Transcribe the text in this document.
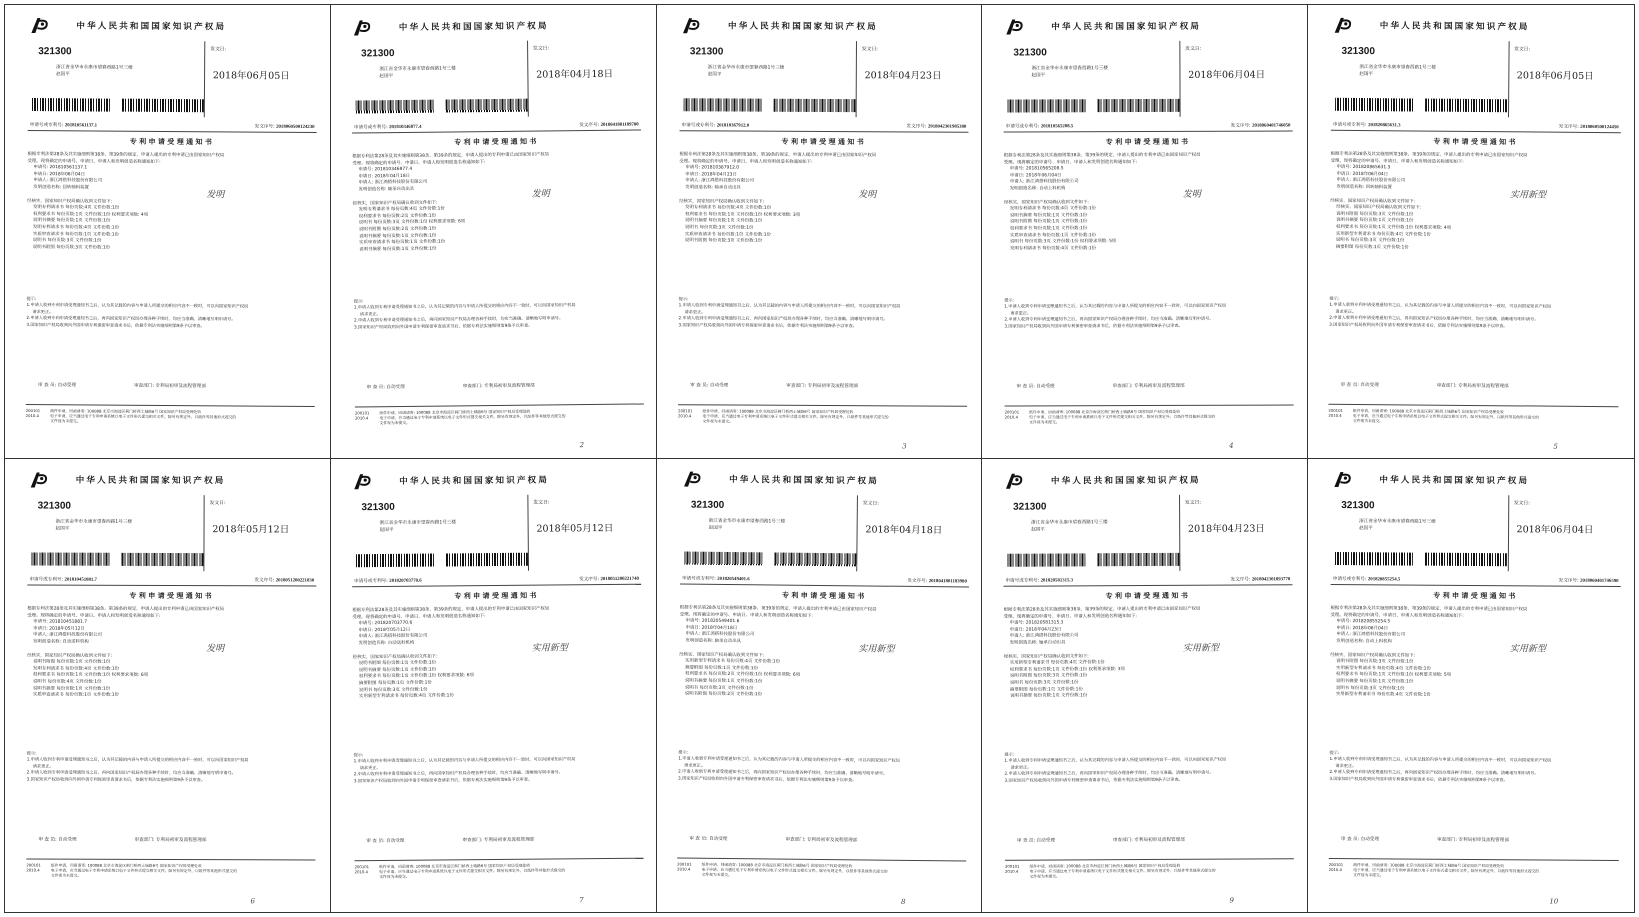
中华人民共和国国家知识产权局
321300
浙江省金华市永康市望春西路1号三楼
赵国平
发文日:
2018年06月05日
申请号或专利号: 201810561137.1	发文序号: 2018060500124230
专利申请受理通知书

根据专利法第28条及其实施细则第38条、第39条的规定，申请人提出的专利申请已由国家知识产权局

受理。现将确定的申请号、申请日、申请人和发明创造名称通知如下:

申请号: 201810561137.1

申请日: 2018年06月04日

申请人: 浙江鸿搭科技股份有限公司

发明创造名称: 回转轴料装置

经核实，国家知识产权局确认收到文件如下:

发明专利请求书 每份页数:4页 文件份数:1份

权利要求书 每份页数:1页 文件份数:1份 权利要求项数: 4项

说明书摘要 每份页数:1页 文件份数:1份

发明专利请求书 每份页数:4页 文件份数:1份

实质审查请求书 每份页数:1页 文件份数:1份

说明书 每份页数:3页 文件份数:1份

说明书附图 每份页数:3页 文件份数:1份

发明

提示:

1.申请人收到专利申请受理通知书之后，认为其记载的内容与申请人所提交的相应内容不一致时，可以向国家知识产权局

请求更正。

2.申请人收到专利申请受理通知书之后，再向国家知识产权局办理各种手续时，均应当准确、清晰地写明申请号。

3.国家知识产权局收到向外国申请专利保密审查请求书后，依据专利法实施细则第9条予以审查。

审 查 员: 自动受理	审查部门: 专利局初审及流程管理部
200101
2010.4
纸件申请，回函请寄: 100088 北京市海淀区蓟门桥西土城路6号 国家知识产权局受理处收
电子申请，应当通过电子专利申请系统以电子文件形式提交相关文件。除另有规定外，以纸件等其他形式提交的
文件视为未提交。
中华人民共和国国家知识产权局
321300
浙江省金华市永康市望春西路1号三楼
赵国平
发文日:
2018年04月18日
申请号或专利号: 201810346877.4	发文序号: 2018041801189700
专利申请受理通知书

根据专利法第28条及其实施细则第38条、第39条的规定，申请人提出的专利申请已由国家知识产权局

受理。现将确定的申请号、申请日、申请人和发明创造名称通知如下:

申请号: 201810346877.4

申请日: 2018年04月18日

申请人: 浙江鸿搭科技股份有限公司

发明创造名称: 轴承自动出具

经核实，国家知识产权局确认收到文件如下:

发明专利请求书 每份页数:4页 文件份数:1份

权利要求书 每份页数:2页 文件份数:1份

说明书 每份页数:3页 文件份数:1份 权利要求项数: 6项

说明书附图 每份页数:2页 文件份数:1份

说明书摘要 每份页数:1页 文件份数:1份

实质审查请求书 每份页数:1页 文件份数:1份

说明书摘要 每份页数:1页 文件份数:1份

发明

提示:

1.申请人收到专利申请受理通知书之后，认为其记载的内容与申请人所提交的相应内容不一致时，可以向国家知识产权局

请求更正。

2.申请人收到专利申请受理通知书之后，再向国家知识产权局办理各种手续时，均应当准确、清晰地写明申请号。

3.国家知识产权局收到向外国申请专利保密审查请求书后，依据专利法实施细则第9条予以审查。

审 查 员: 自动受理	审查部门: 专利局初审及流程管理部
200101
2010.4
纸件申请，回函请寄: 100088 北京市海淀区蓟门桥西土城路6号 国家知识产权局受理处收
电子申请，应当通过电子专利申请系统以电子文件形式提交相关文件。除另有规定外，以纸件等其他形式提交的
文件视为未提交。
2
中华人民共和国国家知识产权局
321300
浙江省金华市永康市望春西路1号三楼
赵国平
发文日:
2018年04月23日
申请号或专利号: 201810367912.0	发文序号: 2018042301985380
专利申请受理通知书

根据专利法第28条及其实施细则第38条、第39条的规定，申请人提出的专利申请已由国家知识产权局

受理。现将确定的申请号、申请日、申请人和发明创造名称通知如下:

申请号: 201810367912.0

申请日: 2018年04月23日

申请人: 浙江鸿搭科技股份有限公司

发明创造名称: 轴承自动出具

经核实，国家知识产权局确认收到文件如下:

发明专利请求书 每份页数:4页 文件份数:1份

权利要求书 每份页数:1页 文件份数:1份 权利要求项数: 3项

说明书摘要 每份页数:1页 文件份数:1份

说明书 每份页数:3页 文件份数:1份

实质审查请求书 每份页数:1页 文件份数:1份

说明书附图 每份页数:3页 文件份数:1份

发明

提示:

1.申请人收到专利申请受理通知书之后，认为其记载的内容与申请人所提交的相应内容不一致时，可以向国家知识产权局

请求更正。

2.申请人收到专利申请受理通知书之后，再向国家知识产权局办理各种手续时，均应当准确、清晰地写明申请号。

3.国家知识产权局收到向外国申请专利保密审查请求书后，依据专利法实施细则第9条予以审查。

审 查 员: 自动受理	审查部门: 专利局初审及流程管理部
200101
2010.4
纸件申请，回函请寄: 100088 北京市海淀区蓟门桥西土城路6号 国家知识产权局受理处收
电子申请，应当通过电子专利申请系统以电子文件形式提交相关文件。除另有规定外，以纸件等其他形式提交的
文件视为未提交。
3
中华人民共和国国家知识产权局
321300
浙江省金华市永康市望春西路1号三楼
赵国平
发文日:
2018年06月04日
申请号或专利号: 201810565208.5	发文序号: 2018060401746050
专利申请受理通知书

根据专利法第28条及其实施细则第38条、第39条的规定，申请人提出的专利申请已由国家知识产权局

受理。现将确定的申请号、申请日、申请人和发明创造名称通知如下:

申请号: 201810565208.5

申请日: 2018年06月04日

申请人: 浙江鸿搭科技股份有限公司

发明创造名称: 自动上料机构

经核实，国家知识产权局确认收到文件如下:

发明专利请求书 每份页数:4页 文件份数:1份

说明书摘要 每份页数:1页 文件份数:1份

说明书附图 每份页数:1页 文件份数:1份

权利要求书 每份页数:1页 文件份数:1份

实质审查请求书 每份页数:1页 文件份数:1份

说明书 每份页数:3页 文件份数:1份 权利要求项数: 5项

发明专利请求书 每份页数:4页 文件份数:1份

发明

提示:

1.申请人收到专利申请受理通知书之后，认为其记载的内容与申请人所提交的相应内容不一致时，可以向国家知识产权局

请求更正。

2.申请人收到专利申请受理通知书之后，再向国家知识产权局办理各种手续时，均应当准确、清晰地写明申请号。

3.国家知识产权局收到向外国申请专利保密审查请求书后，依据专利法实施细则第9条予以审查。

审 查 员: 自动受理	审查部门: 专利局初审及流程管理部
200101
2010.4
纸件申请，回函请寄: 100088 北京市海淀区蓟门桥西土城路6号 国家知识产权局受理处收
电子申请，应当通过电子专利申请系统以电子文件形式提交相关文件。除另有规定外，以纸件等其他形式提交的
文件视为未提交。
4
中华人民共和国国家知识产权局
321300
浙江省金华市永康市望春西路1号三楼
赵国平
发文日:
2018年06月05日
申请号或专利号: 201820865631.3	发文序号: 2018060500124450
专利申请受理通知书

根据专利法第28条及其实施细则第38条、第39条的规定，申请人提出的专利申请已由国家知识产权局

受理。现将确定的申请号、申请日、申请人和发明创造名称通知如下:

申请号: 201820865631.3

申请日: 2018年06月04日

申请人: 浙江鸿搭科技股份有限公司

发明创造名称: 回转轴料装置

经核实，国家知识产权局确认收到文件如下:

经核实，国家知识产权局确认收到文件如下:

说明书附图 每份页数:3页 文件份数:1份

说明书摘要 每份页数:1页 文件份数:1份

权利要求书 每份页数:1页 文件份数:1份 权利要求项数: 4项

实用新型专利请求书 每份页数:4页 文件份数:1份

说明书 每份页数:3页 文件份数:1份

摘要附图 每份页数:1页 文件份数:1份

实用新型

提示:

1.申请人收到专利申请受理通知书之后，认为其记载的内容与申请人所提交的相应内容不一致时，可以向国家知识产权局

请求更正。

2.申请人收到专利申请受理通知书之后，再向国家知识产权局办理各种手续时，均应当准确、清晰地写明申请号。

3.国家知识产权局收到向外国申请专利保密审查请求书后，依据专利法实施细则第9条予以审查。

审 查 员: 自动受理	审查部门: 专利局初审及流程管理部
200101
2010.4
纸件申请，回函请寄: 100088 北京市海淀区蓟门桥西土城路6号 国家知识产权局受理处收
电子申请，应当通过电子专利申请系统以电子文件形式提交相关文件。除另有规定外，以纸件等其他形式提交的
文件视为未提交。
5
中华人民共和国国家知识产权局
321300
浙江省金华市永康市望春西路1号三楼
赵国平
发文日:
2018年05月12日
申请号或专利号: 201810451881.7	发文序号: 2018051200221830
专利申请受理通知书

根据专利法第28条及其实施细则第38条、第39条的规定，申请人提出的专利申请已由国家知识产权局

受理。现将确定的申请号、申请日、申请人和发明创造名称通知如下:

申请号: 201810451881.7

申请日: 2018年05月12日

申请人: 浙江鸿搭科技股份有限公司

发明创造名称: 自动送料机构

经核实，国家知识产权局确认收到文件如下:

说明书附图 每份页数:1页 文件份数:1份

发明专利请求书 每份页数:4页 文件份数:1份

权利要求书 每份页数:1页 文件份数:1份 权利要求项数: 6项

说明书 每份页数:4页 文件份数:1份

说明书摘要 每份页数:1页 文件份数:1份

实质审查请求书 每份页数:1页 文件份数:1份

发明

提示:

1.申请人收到专利申请受理通知书之后，认为其记载的内容与申请人所提交的相应内容不一致时，可以向国家知识产权局

请求更正。

2.申请人收到专利申请受理通知书之后，再向国家知识产权局办理各种手续时，均应当准确、清晰地写明申请号。

3.国家知识产权局收到向外国申请专利保密审查请求书后，依据专利法实施细则第9条予以审查。

审 查 员: 自动受理	审查部门: 专利局初审及流程管理部
200101
2010.4
纸件申请，回函请寄: 100088 北京市海淀区蓟门桥西土城路6号 国家知识产权局受理处收
电子申请，应当通过电子专利申请系统以电子文件形式提交相关文件。除另有规定外，以纸件等其他形式提交的
文件视为未提交。
6
中华人民共和国国家知识产权局
321300
浙江省金华市永康市望春西路1号三楼
赵国平
发文日:
2018年05月12日
申请号或专利号: 201820703770.6	发文序号: 2018051200221740
专利申请受理通知书

根据专利法第28条及其实施细则第38条、第39条的规定，申请人提出的专利申请已由国家知识产权局

受理。现将确定的申请号、申请日、申请人和发明创造名称通知如下:

申请号: 201820703770.6

申请日: 2018年05月12日

申请人: 浙江鸿搭科技股份有限公司

发明创造名称: 自动送料机构

经核实，国家知识产权局确认收到文件如下:

说明书附图 每份页数:1页 文件份数:1份

说明书摘要 每份页数:1页 文件份数:1份

权利要求书 每份页数:1页 文件份数:1份 权利要求项数: 6项

摘要附图 每份页数:1页 文件份数:1份

说明书 每份页数:3页 文件份数:1份

实用新型专利请求书 每份页数:4页 文件份数:1份

实用新型

提示:

1.申请人收到专利申请受理通知书之后，认为其记载的内容与申请人所提交的相应内容不一致时，可以向国家知识产权局

请求更正。

2.申请人收到专利申请受理通知书之后，再向国家知识产权局办理各种手续时，均应当准确、清晰地写明申请号。

3.国家知识产权局收到向外国申请专利保密审查请求书后，依据专利法实施细则第9条予以审查。

审 查 员: 自动受理	审查部门: 专利局初审及流程管理部
200101
2010.4
纸件申请，回函请寄: 100088 北京市海淀区蓟门桥西土城路6号 国家知识产权局受理处收
电子申请，应当通过电子专利申请系统以电子文件形式提交相关文件。除另有规定外，以纸件等其他形式提交的
文件视为未提交。
7
中华人民共和国国家知识产权局
321300
浙江省金华市永康市望春西路1号三楼
赵国平
发文日:
2018年04月18日
申请号或专利号: 201820549401.6	发文序号: 2018041801183980
专利申请受理通知书

根据专利法第28条及其实施细则第38条、第39条的规定，申请人提出的专利申请已由国家知识产权局

受理。现将确定的申请号、申请日、申请人和发明创造名称通知如下:

申请号: 201820549401.6

申请日: 2018年04月18日

申请人: 浙江鸿搭科技股份有限公司

发明创造名称: 轴承自动出具

经核实，国家知识产权局确认收到文件如下:

实用新型专利请求书 每份页数:4页 文件份数:1份

摘要附图 每份页数:1页 文件份数:1份

权利要求书 每份页数:2页 文件份数:1份 权利要求项数: 6项

说明书摘要 每份页数:1页 文件份数:1份

说明书 每份页数:3页 文件份数:1份

说明书附图 每份页数:2页 文件份数:1份

实用新型

提示:

1.申请人收到专利申请受理通知书之后，认为其记载的内容与申请人所提交的相应内容不一致时，可以向国家知识产权局

请求更正。

2.申请人收到专利申请受理通知书之后，再向国家知识产权局办理各种手续时，均应当准确、清晰地写明申请号。

3.国家知识产权局收到向外国申请专利保密审查请求书后，依据专利法实施细则第9条予以审查。

审 查 员: 自动受理	审查部门: 专利局初审及流程管理部
200101
2010.4
纸件申请，回函请寄: 100088 北京市海淀区蓟门桥西土城路6号 国家知识产权局受理处收
电子申请，应当通过电子专利申请系统以电子文件形式提交相关文件。除另有规定外，以纸件等其他形式提交的
文件视为未提交。
8
中华人民共和国国家知识产权局
321300
浙江省金华市永康市望春西路1号三楼
赵国平
发文日:
2018年04月23日
申请号或专利号: 201820581315.3	发文序号: 2018042301893770
专利申请受理通知书

根据专利法第28条及其实施细则第38条、第39条的规定，申请人提出的专利申请已由国家知识产权局

受理。现将确定的申请号、申请日、申请人和发明创造名称通知如下:

申请号: 201820581315.3

申请日: 2018年04月23日

申请人: 浙江鸿搭科技股份有限公司

发明创造名称: 轴承自动出具

经核实，国家知识产权局确认收到文件如下:

实用新型专利请求书 每份页数:4页 文件份数:1份

权利要求书 每份页数:1页 文件份数:1份 权利要求项数: 3项

说明书附图 每份页数:3页 文件份数:1份

说明书 每份页数:3页 文件份数:1份

摘要附图 每份页数:1页 文件份数:1份

说明书摘要 每份页数:1页 文件份数:1份

实用新型

提示:

1.申请人收到专利申请受理通知书之后，认为其记载的内容与申请人所提交的相应内容不一致时，可以向国家知识产权局

请求更正。

2.申请人收到专利申请受理通知书之后，再向国家知识产权局办理各种手续时，均应当准确、清晰地写明申请号。

3.国家知识产权局收到向外国申请专利保密审查请求书后，依据专利法实施细则第9条予以审查。

审 查 员: 自动受理	审查部门: 专利局初审及流程管理部
200101
2010.4
纸件申请，回函请寄: 100088 北京市海淀区蓟门桥西土城路6号 国家知识产权局受理处收
电子申请，应当通过电子专利申请系统以电子文件形式提交相关文件。除另有规定外，以纸件等其他形式提交的
文件视为未提交。
9
中华人民共和国国家知识产权局
321300
浙江省金华市永康市望春西路1号三楼
赵国平
发文日:
2018年06月04日
申请号或专利号: 201820855254.5	发文序号: 2018060401746590
专利申请受理通知书

根据专利法第28条及其实施细则第38条、第39条的规定，申请人提出的专利申请已由国家知识产权局

受理。现将确定的申请号、申请日、申请人和发明创造名称通知如下:

申请号: 201820855254.5

申请日: 2018年06月04日

申请人: 浙江鸿搭科技股份有限公司

发明创造名称: 自动上料机构

经核实，国家知识产权局确认收到文件如下:

说明书附图 每份页数:3页 文件份数:1份

实用新型专利请求书 每份页数:4页 文件份数:1份

权利要求书 每份页数:1页 文件份数:1份 权利要求项数: 5项

说明书摘要 每份页数:1页 文件份数:1份

说明书 每份页数:3页 文件份数:1份

实用新型专利请求书 每份页数:4页 文件份数:1份

实用新型

提示:

1.申请人收到专利申请受理通知书之后，认为其记载的内容与申请人所提交的相应内容不一致时，可以向国家知识产权局

请求更正。

2.申请人收到专利申请受理通知书之后，再向国家知识产权局办理各种手续时，均应当准确、清晰地写明申请号。

3.国家知识产权局收到向外国申请专利保密审查请求书后，依据专利法实施细则第9条予以审查。

审 查 员: 自动受理	审查部门: 专利局初审及流程管理部
200101
2010.4
纸件申请，回函请寄: 100088 北京市海淀区蓟门桥西土城路6号 国家知识产权局受理处收
电子申请，应当通过电子专利申请系统以电子文件形式提交相关文件。除另有规定外，以纸件等其他形式提交的
文件视为未提交。
10
